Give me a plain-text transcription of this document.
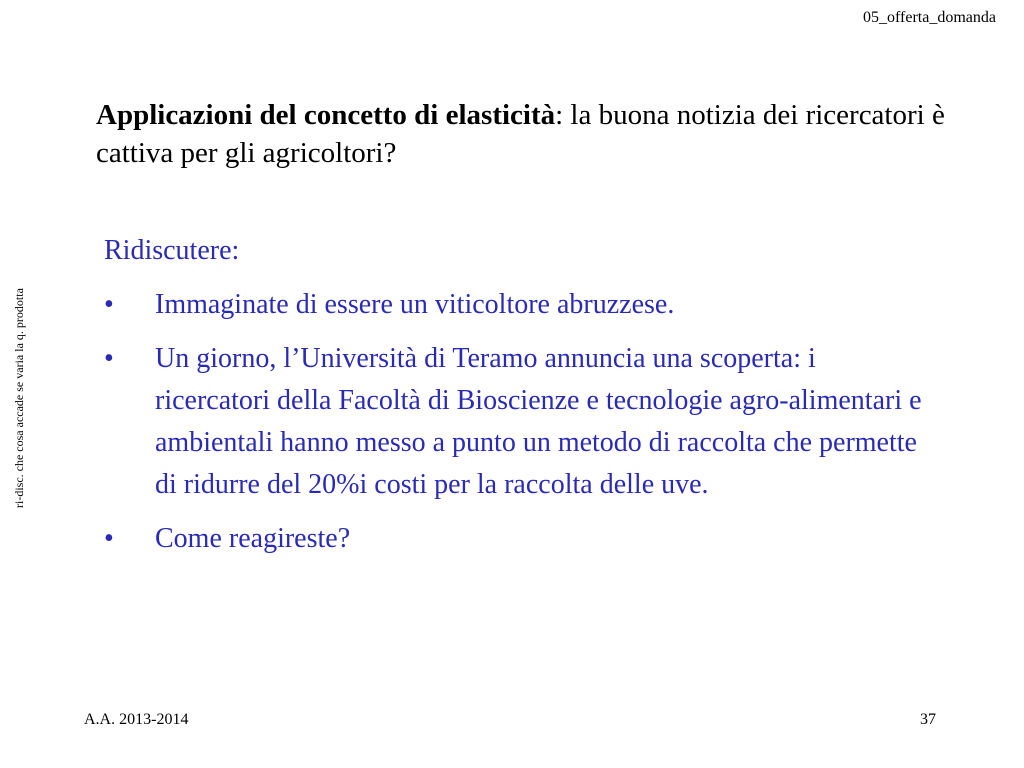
05_offerta_domanda
Applicazioni del concetto di elasticità: la buona notizia dei ricercatori è cattiva per gli agricoltori?
ri-disc. che cosa accade se varia la q. prodotta
Ridiscutere:
•	Immaginate di essere un viticoltore abruzzese.
•	Un giorno, l’Università di Teramo annuncia una scoperta: i ricercatori della Facoltà di Bioscienze e tecnologie agro-alimentari e ambientali hanno messo a punto un metodo di raccolta che permette di ridurre del 20%i costi per la raccolta delle uve.
•	Come reagireste?
A.A. 2013-2014	37
